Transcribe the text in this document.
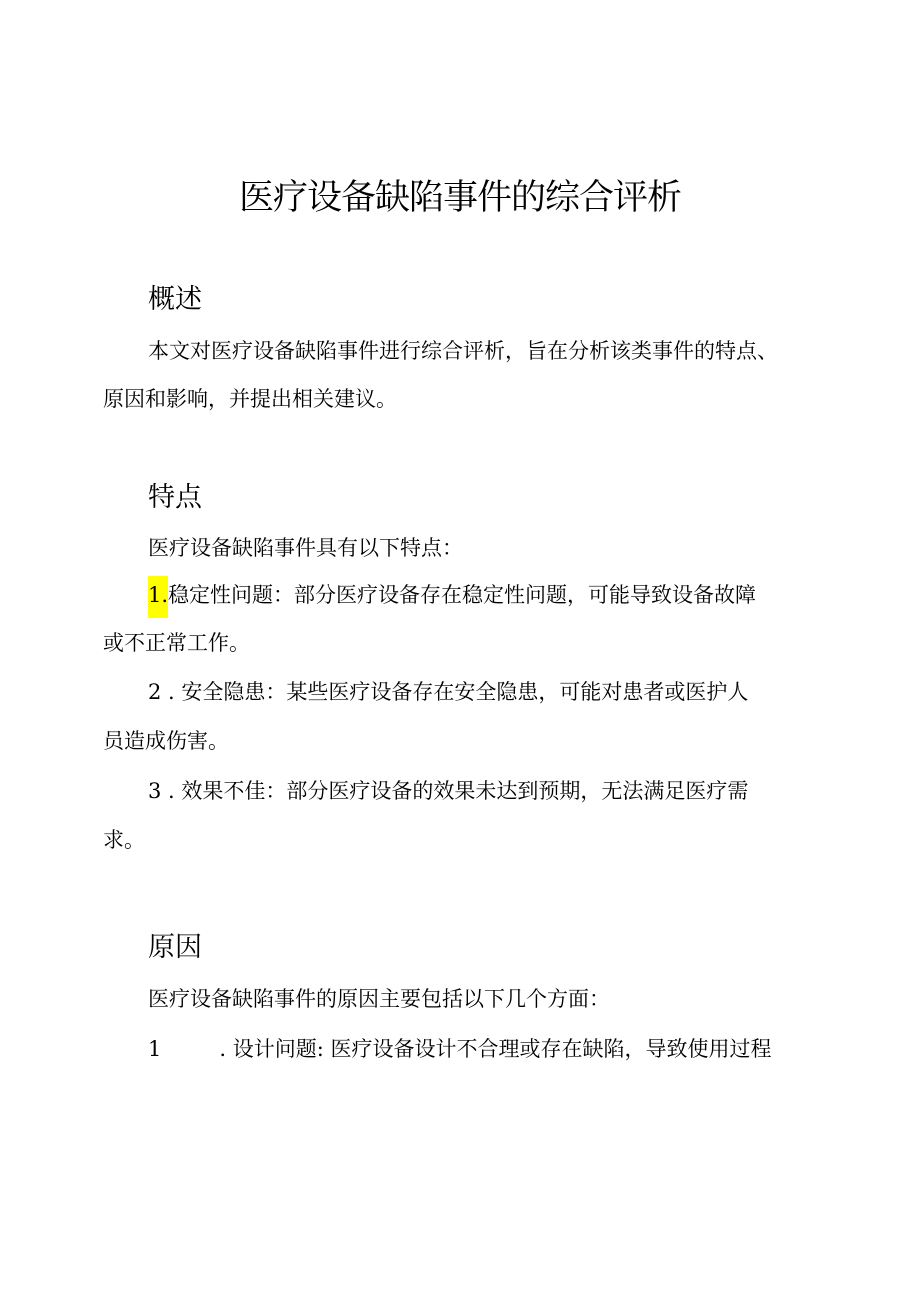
医疗设备缺陷事件的综合评析
概述
本文对医疗设备缺陷事件进行综合评析，旨在分析该类事件的特点、
原因和影响，并提出相关建议。
特点
医疗设备缺陷事件具有以下特点：
1.稳定性问题：部分医疗设备存在稳定性问题，可能导致设备故障
或不正常工作。
2 . 安全隐患：某些医疗设备存在安全隐患，可能对患者或医护人
员造成伤害。
3 . 效果不佳：部分医疗设备的效果未达到预期，无法满足医疗需
求。
原因
医疗设备缺陷事件的原因主要包括以下几个方面：
1	. 设计问题: 医疗设备设计不合理或存在缺陷，导致使用过程
